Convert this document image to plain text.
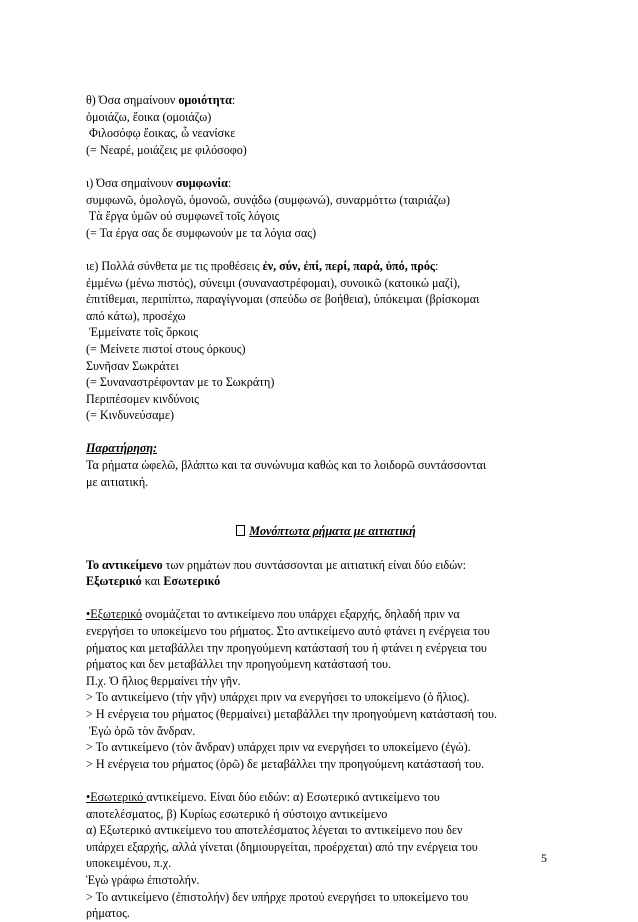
θ) Όσα σημαίνουν ομοιότητα:
ὁμοιάζω, ἔοικα (ομοιάζω)
Φιλοσόφῳ ἔοικας, ὦ νεανίσκε
(= Νεαρέ, μοιάζεις με φιλόσοφο)
ι) Όσα σημαίνουν συμφωνία:
συμφωνῶ, ὁμολογῶ, ὁμονοῶ, συνᾴδω (συμφωνώ), συναρμόττω (ταιριάζω)
Τὰ ἔργα ὑμῶν οὐ συμφωνεῖ τοῖς λόγοις
(= Τα έργα σας δε συμφωνούν με τα λόγια σας)
ιε) Πολλά σύνθετα με τις προθέσεις ἐν, σύν, ἐπί, περί, παρά, ὑπό, πρός:
ἐμμένω (μένω πιστός), σύνειμι (συναναστρέφομαι), συνοικῶ (κατοικώ μαζί),
ἐπιτίθεμαι, περιπίπτω, παραγίγνομαι (σπεύδω σε βοήθεια), ὑπόκειμαι (βρίσκομαι
από κάτω), προσέχω
Ἐμμείνατε τοῖς ὅρκοις
(= Μείνετε πιστοί στους όρκους)
Συνῆσαν Σωκράτει
(= Συναναστρέφονταν με το Σωκράτη)
Περιπέσομεν κινδύνοις
(= Κινδυνεύσαμε)
Παρατήρηση:
Τα ρήματα ὠφελῶ, βλάπτω και τα συνώνυμα καθώς και το λοιδορῶ συντάσσονται
με αιτιατική.
Μονόπτωτα ρήματα με αιτιατική
Το αντικείμενο των ρημάτων που συντάσσονται με αιτιατική είναι δύο ειδών:
Εξωτερικό και Εσωτερικό
•Εξωτερικό ονομάζεται το αντικείμενο που υπάρχει εξαρχής, δηλαδή πριν να
ενεργήσει το υποκείμενο του ρήματος. Στο αντικείμενο αυτό φτάνει η ενέργεια του
ρήματος και μεταβάλλει την προηγούμενη κατάστασή του ή φτάνει η ενέργεια του
ρήματος και δεν μεταβάλλει την προηγούμενη κατάστασή του.
Π.χ. Ὁ ἥλιος θερμαίνει τὴν γῆν.
> Το αντικείμενο (τὴν γῆν) υπάρχει πριν να ενεργήσει το υποκείμενο (ὁ ἥλιος).
> Η ενέργεια του ρήματος (θερμαίνει) μεταβάλλει την προηγούμενη κατάστασή του.
Ἐγὼ ὁρῶ τὸν ἄνδραν.
> Το αντικείμενο (τὸν ἄνδραν) υπάρχει πριν να ενεργήσει το υποκείμενο (ἐγώ).
> Η ενέργεια του ρήματος (ὁρῶ) δε μεταβάλλει την προηγούμενη κατάστασή του.
•Εσωτερικό αντικείμενο. Είναι δύο ειδών: α) Εσωτερικό αντικείμενο του
αποτελέσματος, β) Κυρίως εσωτερικό ή σύστοιχο αντικείμενο
α) Εξωτερικό αντικείμενο του αποτελέσματος λέγεται το αντικείμενο που δεν
υπάρχει εξαρχής, αλλά γίνεται (δημιουργείται, προέρχεται) από την ενέργεια του
υποκειμένου, π.χ.
Ἐγὼ γράφω ἐπιστολήν.
> Το αντικείμενο (ἐπιστολήν) δεν υπήρχε προτού ενεργήσει το υποκείμενο του
ρήματος.
5
